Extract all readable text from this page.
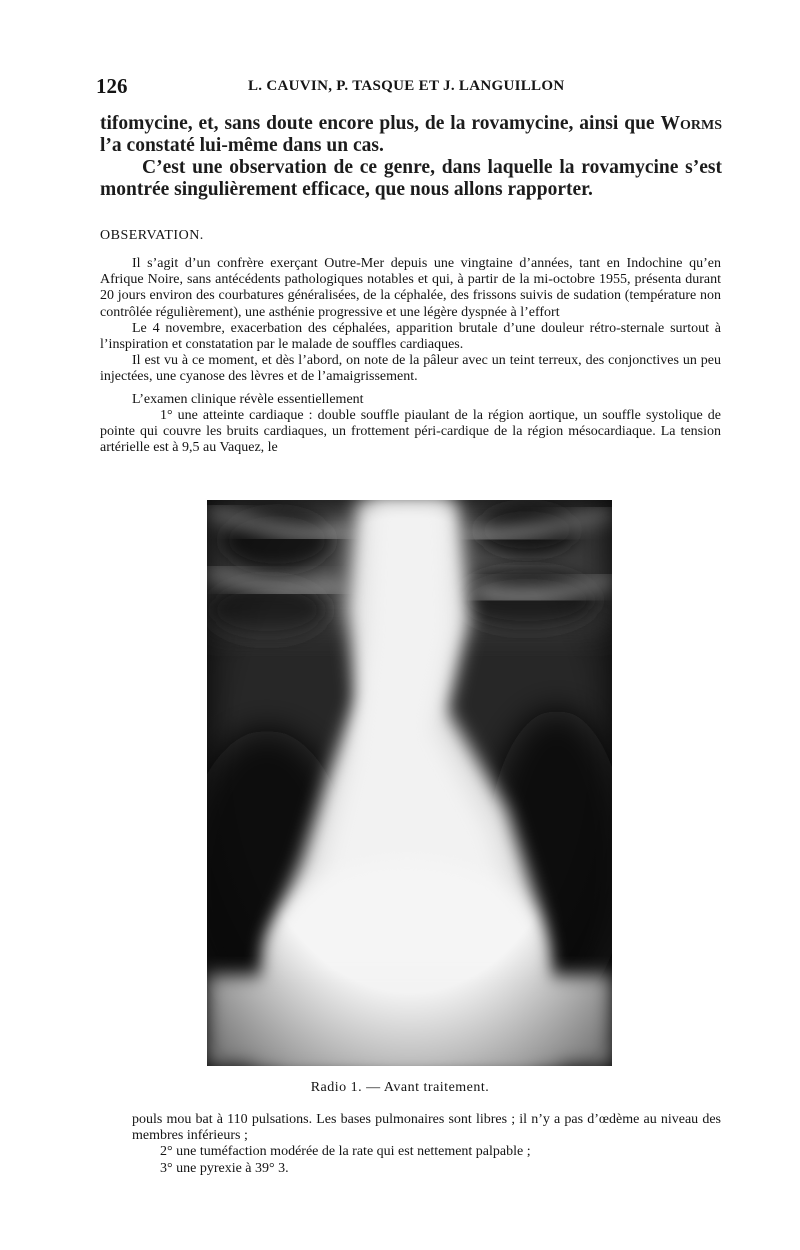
126	L. CAUVIN, P. TASQUE ET J. LANGUILLON

tifomycine, et, sans doute encore plus, de la rovamycine, ainsi que Worms l’a constaté lui-même dans un cas.

C’est une observation de ce genre, dans laquelle la rovamycine s’est montrée singulièrement efficace, que nous allons rapporter.

OBSERVATION.

Il s’agit d’un confrère exerçant Outre-Mer depuis une vingtaine d’années, tant en Indochine qu’en Afrique Noire, sans antécédents pathologiques notables et qui, à partir de la mi-octobre 1955, présenta durant 20 jours environ des courbatures généralisées, de la céphalée, des frissons suivis de sudation (température non contrôlée régulièrement), une asthénie progressive et une légère dyspnée à l’effort

Le 4 novembre, exacerbation des céphalées, apparition brutale d’une douleur rétro-sternale surtout à l’inspiration et constatation par le malade de souffles cardiaques.

Il est vu à ce moment, et dès l’abord, on note de la pâleur avec un teint terreux, des conjonctives un peu injectées, une cyanose des lèvres et de l’amaigrissement.

L’examen clinique révèle essentiellement

1° une atteinte cardiaque : double souffle piaulant de la région aortique, un souffle systolique de pointe qui couvre les bruits cardiaques, un frottement péri-cardique de la région mésocardiaque. La tension artérielle est à 9,5 au Vaquez, le

Radio 1. — Avant traitement.

pouls mou bat à 110 pulsations. Les bases pulmonaires sont libres ; il n’y a pas d’œdème au niveau des membres inférieurs ;

2° une tuméfaction modérée de la rate qui est nettement palpable ;

3° une pyrexie à 39° 3.
